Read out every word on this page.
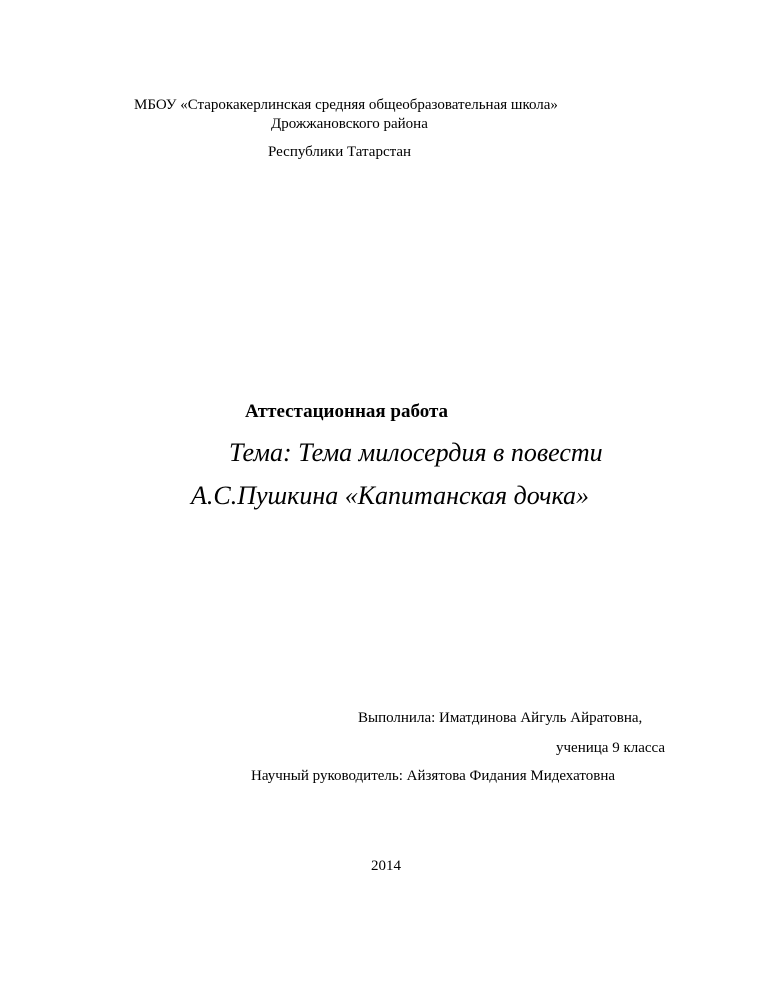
МБОУ «Старокакерлинская средняя общеобразовательная школа»
Дрожжановского района
Республики Татарстан
Аттестационная работа
Тема: Тема милосердия в повести
А.С.Пушкина «Капитанская дочка»
Выполнила: Иматдинова Айгуль Айратовна,
ученица 9 класса
Научный руководитель: Айзятова Фидания Мидехатовна
2014
